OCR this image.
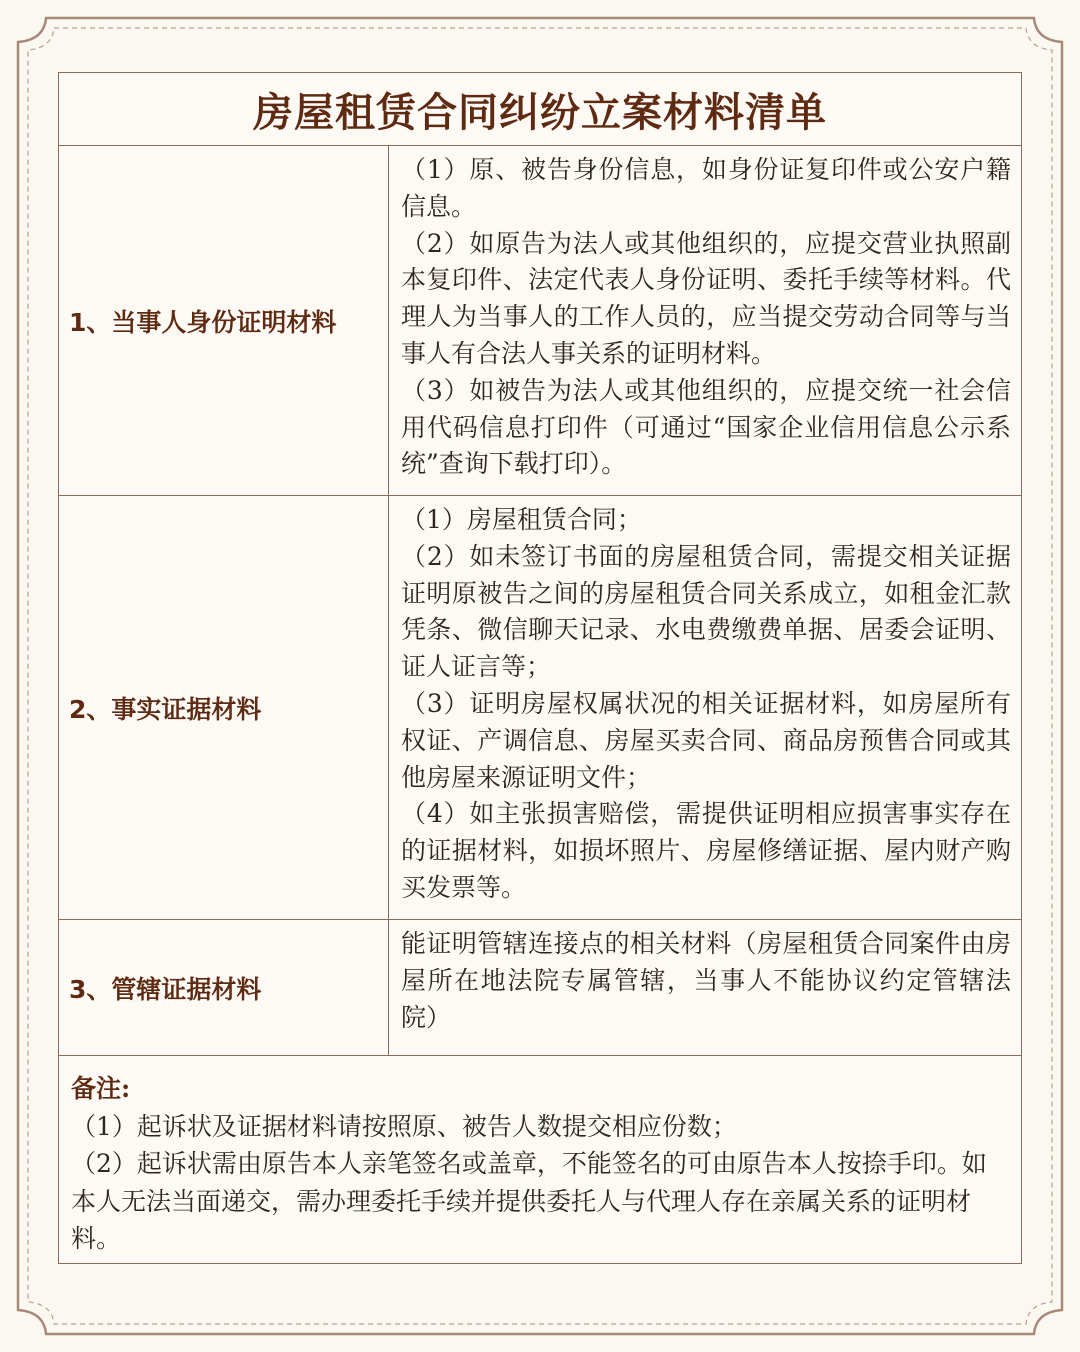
房屋租赁合同纠纷立案材料清单
1、当事人身份证明材料

（1）原、被告身份信息，如身份证复印件或公安户籍信息。

（2）如原告为法人或其他组织的，应提交营业执照副本复印件、法定代表人身份证明、委托手续等材料。代理人为当事人的工作人员的，应当提交劳动合同等与当事人有合法人事关系的证明材料。

（3）如被告为法人或其他组织的，应提交统一社会信用代码信息打印件（可通过“国家企业信用信息公示系统”查询下载打印）。

2、事实证据材料

（1）房屋租赁合同；

（2）如未签订书面的房屋租赁合同，需提交相关证据证明原被告之间的房屋租赁合同关系成立，如租金汇款凭条、微信聊天记录、水电费缴费单据、居委会证明、证人证言等；

（3）证明房屋权属状况的相关证据材料，如房屋所有权证、产调信息、房屋买卖合同、商品房预售合同或其他房屋来源证明文件；

（4）如主张损害赔偿，需提供证明相应损害事实存在的证据材料，如损坏照片、房屋修缮证据、屋内财产购买发票等。

3、管辖证据材料

能证明管辖连接点的相关材料（房屋租赁合同案件由房屋所在地法院专属管辖，当事人不能协议约定管辖法院）

备注:

（1）起诉状及证据材料请按照原、被告人数提交相应份数；

（2）起诉状需由原告本人亲笔签名或盖章，不能签名的可由原告本人按捺手印。如本人无法当面递交，需办理委托手续并提供委托人与代理人存在亲属关系的证明材料。
